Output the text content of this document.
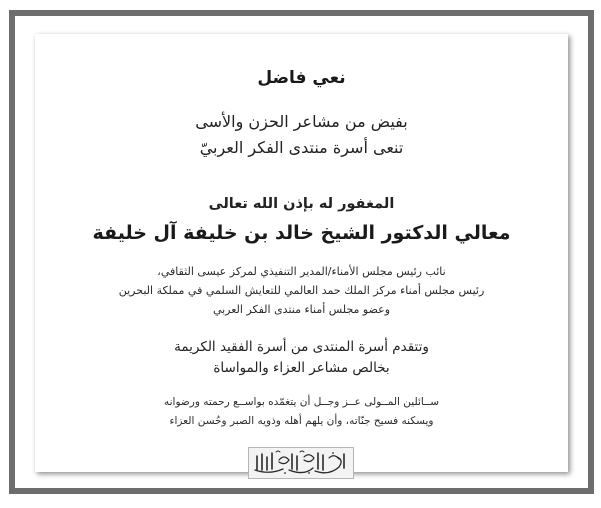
نعي فاضل
بفيض من مشاعر الحزن والأسى
تنعى أسرة منتدى الفكر العربيّ
المغفور له بإذن الله تعالى
معالي الدكتور الشيخ خالد بن خليفة آل خليفة
نائب رئيس مجلس الأمناء/المدير التنفيذي لمركز عيسى الثقافي،
رئيس مجلس أمناء مركز الملك حمد العالمي للتعايش السلمي في مملكة البحرين
وعضو مجلس أمناء منتدى الفكر العربي
وتتقدم أسرة المنتدى من أسرة الفقيد الكريمة
بخالص مشاعر العزاء والمواساة
ســائلين المــولى عــز وجــل أن يتغمّده بواســع رحمته ورضوانه
ويسكنه فسيح جنّاته، وأن يلهم أهله وذويه الصبر وحُسن العزاء
